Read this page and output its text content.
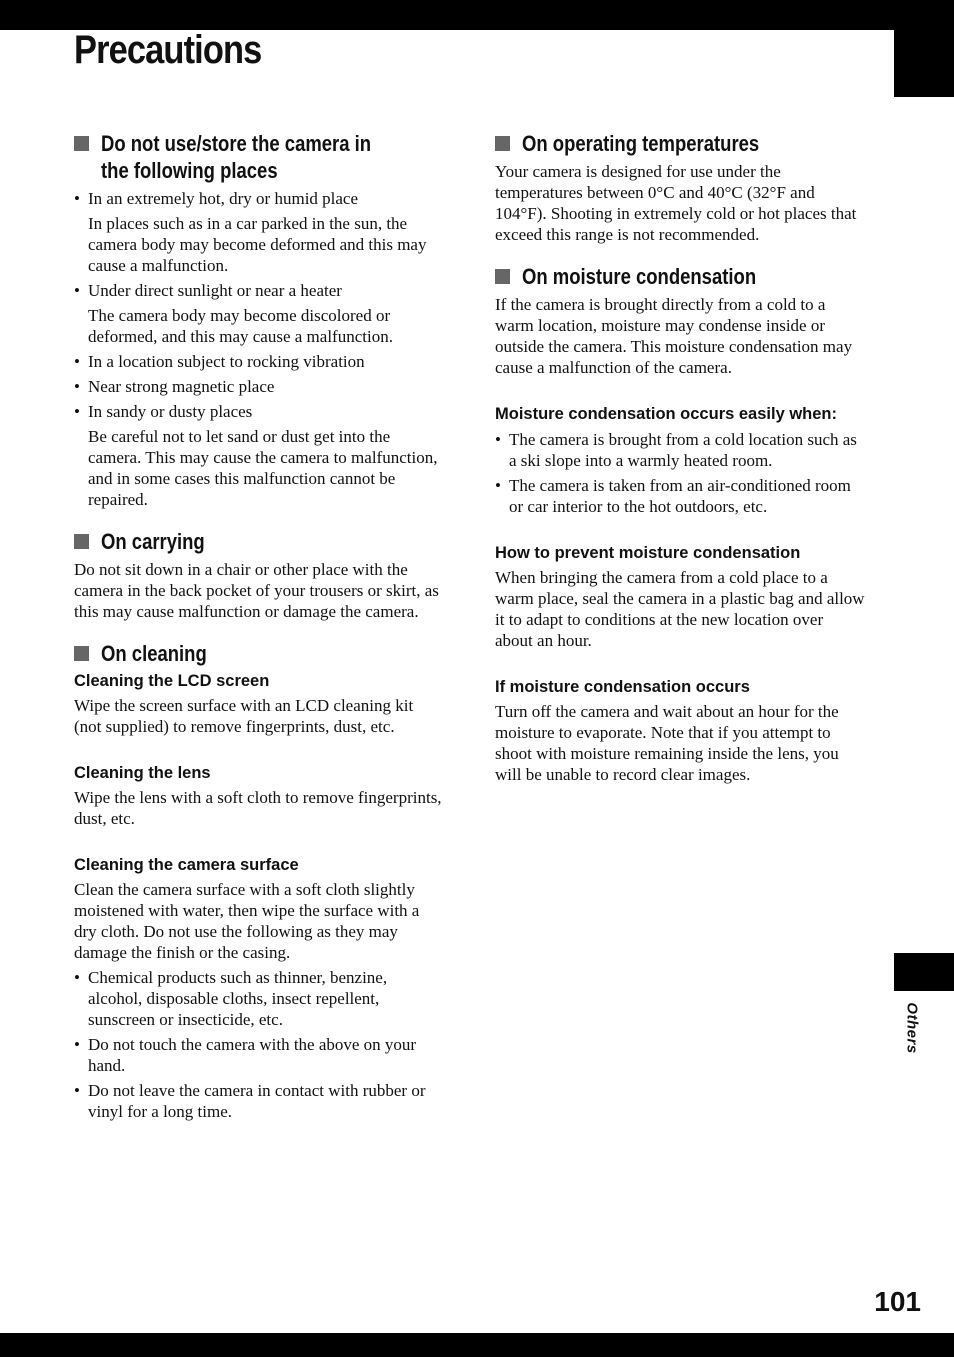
Precautions
Others
101
Do not use/store the camera in the following places
• In an extremely hot, dry or humid place
In places such as in a car parked in the sun, the camera body may become deformed and this may cause a malfunction.
• Under direct sunlight or near a heater
The camera body may become discolored or deformed, and this may cause a malfunction.
• In a location subject to rocking vibration
• Near strong magnetic place
• In sandy or dusty places
Be careful not to let sand or dust get into the camera. This may cause the camera to malfunction, and in some cases this malfunction cannot be repaired.
On carrying

Do not sit down in a chair or other place with the camera in the back pocket of your trousers or skirt, as this may cause malfunction or damage the camera.

On cleaning
Cleaning the LCD screen

Wipe the screen surface with an LCD cleaning kit (not supplied) to remove fingerprints, dust, etc.

Cleaning the lens

Wipe the lens with a soft cloth to remove fingerprints, dust, etc.

Cleaning the camera surface

Clean the camera surface with a soft cloth slightly moistened with water, then wipe the surface with a dry cloth. Do not use the following as they may damage the finish or the casing.

• Chemical products such as thinner, benzine, alcohol, disposable cloths, insect repellent, sunscreen or insecticide, etc.
• Do not touch the camera with the above on your hand.
• Do not leave the camera in contact with rubber or vinyl for a long time.
On operating temperatures

Your camera is designed for use under the temperatures between 0°C and 40°C (32°F and 104°F). Shooting in extremely cold or hot places that exceed this range is not recommended.

On moisture condensation

If the camera is brought directly from a cold to a warm location, moisture may condense inside or outside the camera. This moisture condensation may cause a malfunction of the camera.

Moisture condensation occurs easily when:
• The camera is brought from a cold location such as a ski slope into a warmly heated room.
• The camera is taken from an air-conditioned room or car interior to the hot outdoors, etc.
How to prevent moisture condensation

When bringing the camera from a cold place to a warm place, seal the camera in a plastic bag and allow it to adapt to conditions at the new location over about an hour.

If moisture condensation occurs

Turn off the camera and wait about an hour for the moisture to evaporate. Note that if you attempt to shoot with moisture remaining inside the lens, you will be unable to record clear images.
